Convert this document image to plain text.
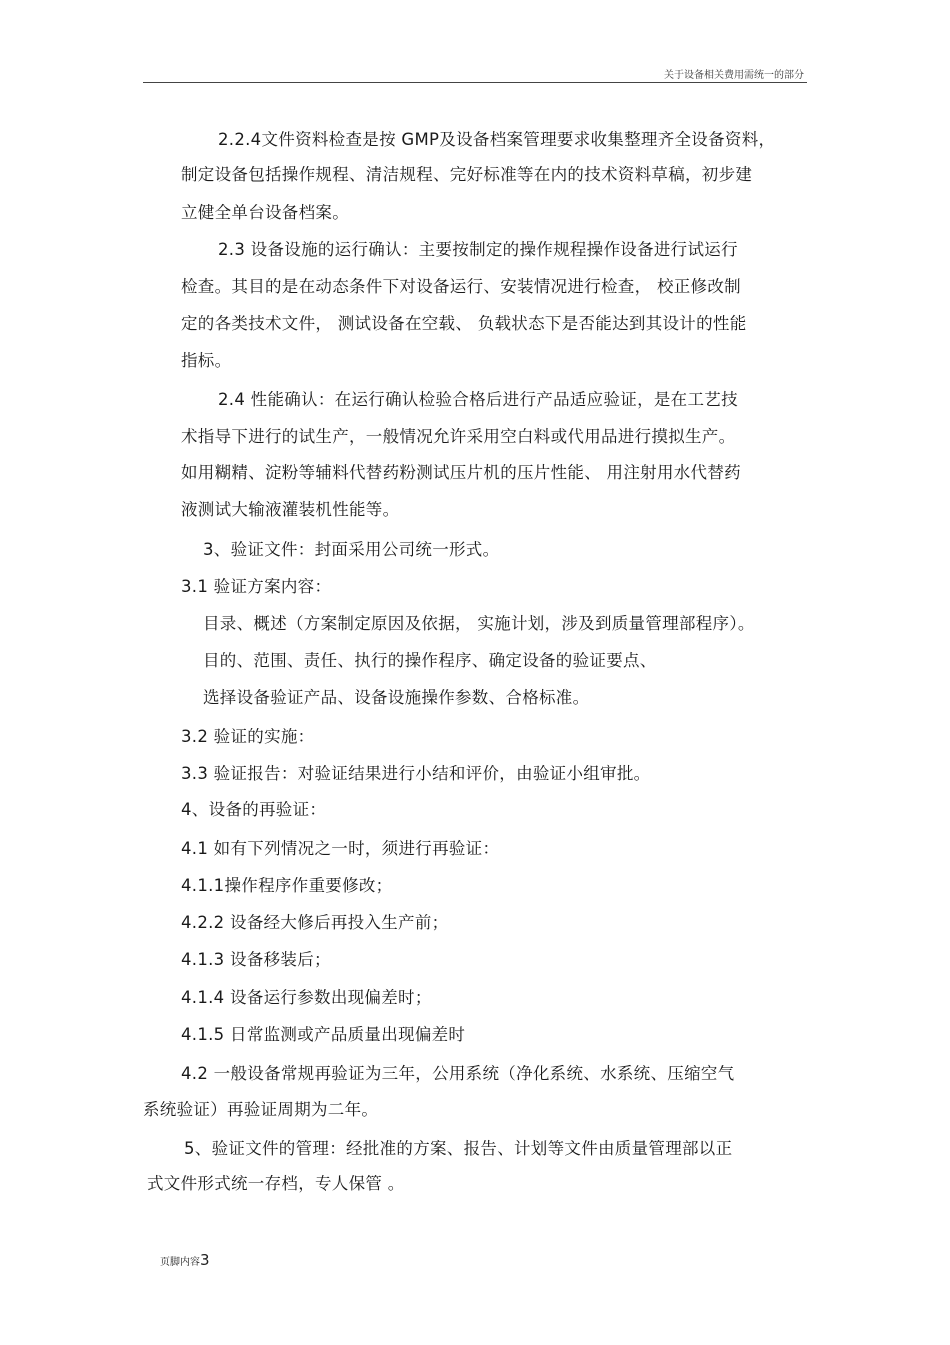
关于设备相关费用需统一的部分
2.2.4文件资料检查是按 GMP及设备档案管理要求收集整理齐全设备资料，
制定设备包括操作规程、清洁规程、完好标准等在内的技术资料草稿，初步建
立健全单台设备档案。
2.3 设备设施的运行确认：主要按制定的操作规程操作设备进行试运行
检查。其目的是在动态条件下对设备运行、安装情况进行检查， 校正修改制
定的各类技术文件， 测试设备在空载、 负载状态下是否能达到其设计的性能
指标。
2.4 性能确认：在运行确认检验合格后进行产品适应验证，是在工艺技
术指导下进行的试生产，一般情况允许采用空白料或代用品进行摸拟生产。
如用糊精、淀粉等辅料代替药粉测试压片机的压片性能、 用注射用水代替药
液测试大输液灌装机性能等。
3、验证文件：封面采用公司统一形式。
3.1 验证方案内容：
目录、概述（方案制定原因及依据， 实施计划，涉及到质量管理部程序）。
目的、范围、责任、执行的操作程序、确定设备的验证要点、
选择设备验证产品、设备设施操作参数、合格标准。
3.2 验证的实施：
3.3 验证报告：对验证结果进行小结和评价，由验证小组审批。
4、设备的再验证：
4.1 如有下列情况之一时，须进行再验证：
4.1.1操作程序作重要修改；
4.2.2 设备经大修后再投入生产前；
4.1.3 设备移装后；
4.1.4 设备运行参数出现偏差时；
4.1.5 日常监测或产品质量出现偏差时
4.2 一般设备常规再验证为三年，公用系统（净化系统、水系统、压缩空气
系统验证）再验证周期为二年。
5、验证文件的管理：经批准的方案、报告、计划等文件由质量管理部以正
式文件形式统一存档，专人保管 。
页脚内容3
